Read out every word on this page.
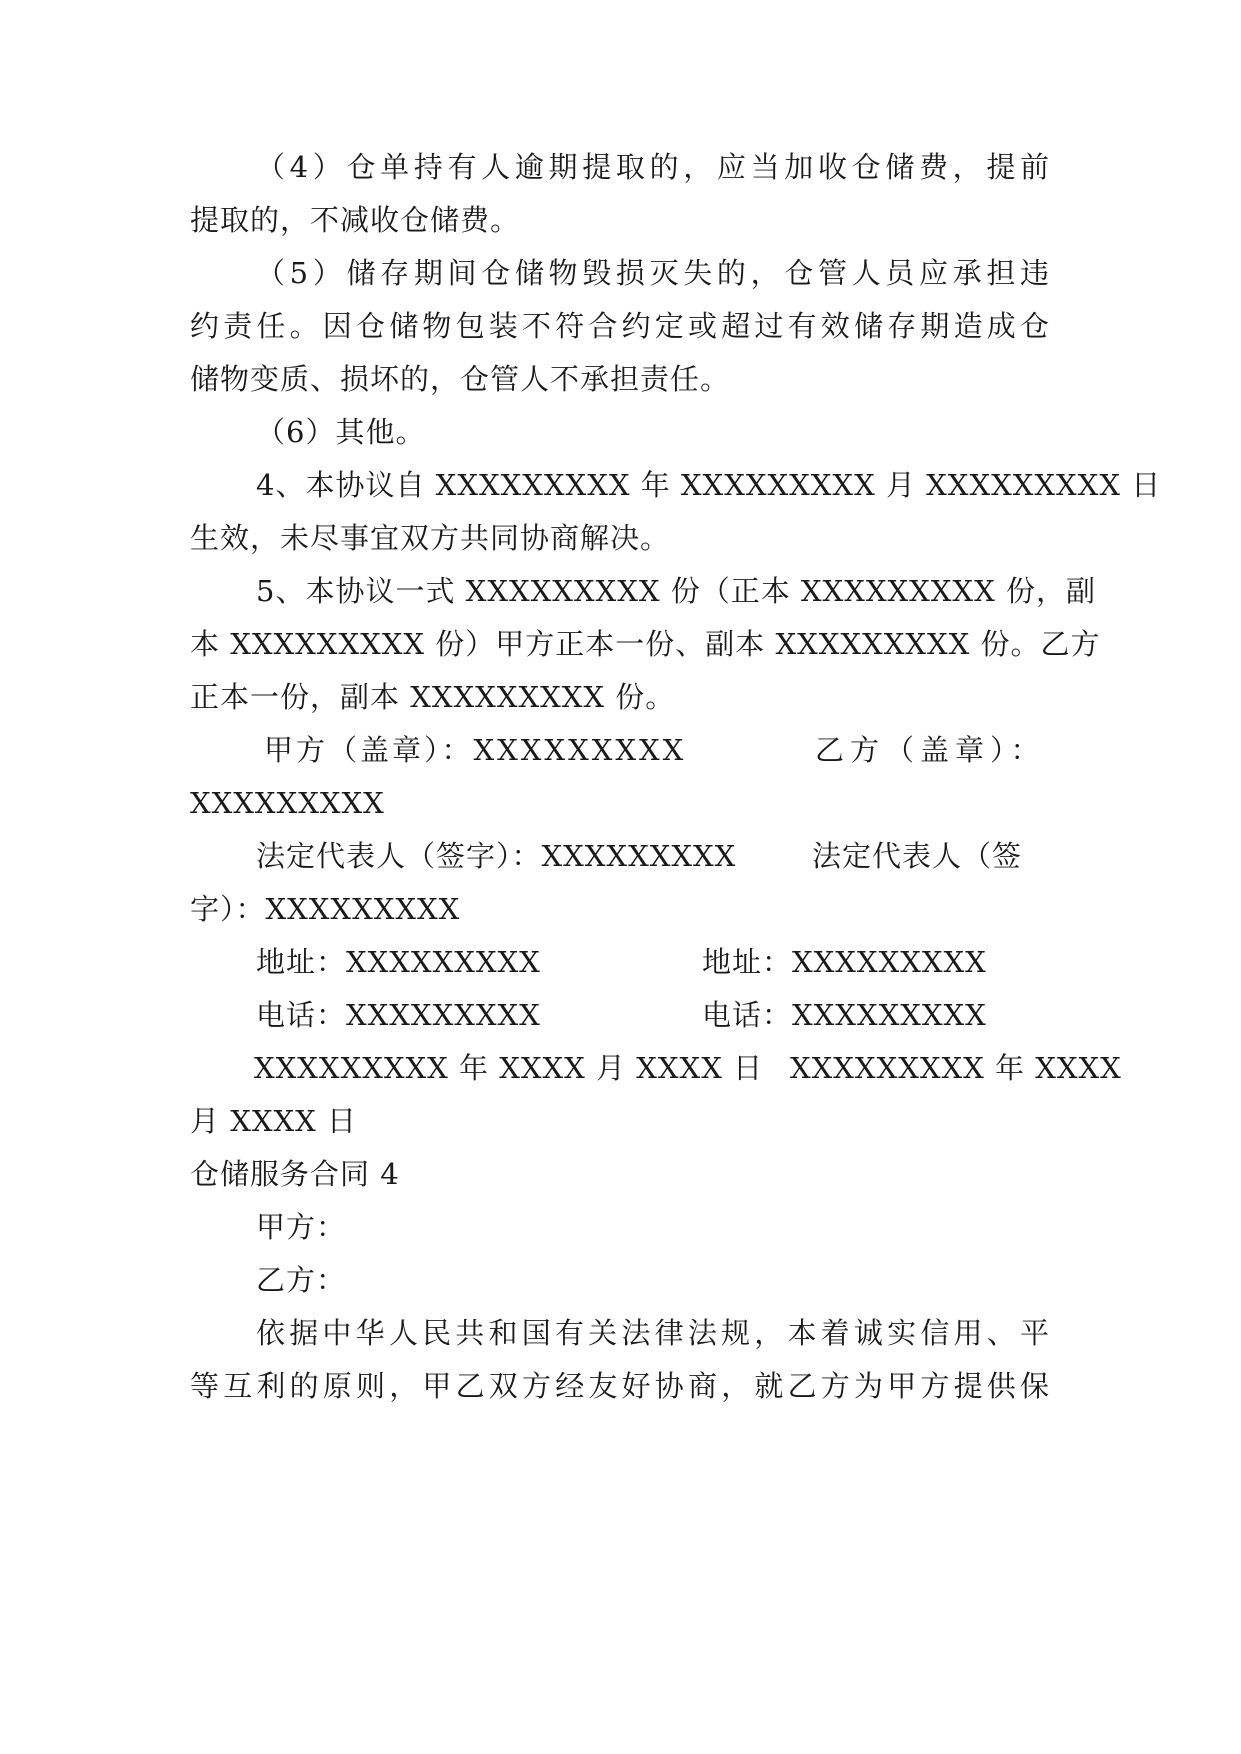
（4）仓单持有人逾期提取的，应当加收仓储费，提前
提取的，不减收仓储费。
（5）储存期间仓储物毁损灭失的，仓管人员应承担违
约责任。因仓储物包装不符合约定或超过有效储存期造成仓
储物变质、损坏的，仓管人不承担责任。
（6）其他。
4、本协议自 XXXXXXXXX 年 XXXXXXXXX 月 XXXXXXXXX 日
生效，未尽事宜双方共同协商解决。
5、本协议一式 XXXXXXXXX 份（正本 XXXXXXXXX 份，副
本 XXXXXXXXX 份）甲方正本一份、副本 XXXXXXXXX 份。乙方
正本一份，副本 XXXXXXXXX 份。
甲方（盖章）：XXXXXXXXX	乙方（盖章）：
XXXXXXXXX
法定代表人（签字）：XXXXXXXXX	法定代表人（签
字）：XXXXXXXXX
地址：XXXXXXXXX	地址：XXXXXXXXX
电话：XXXXXXXXX	电话：XXXXXXXXX
XXXXXXXXX 年 XXXX 月 XXXX 日 XXXXXXXXX 年 XXXX
月 XXXX 日
仓储服务合同 4
甲方：
乙方：
依据中华人民共和国有关法律法规，本着诚实信用、平
等互利的原则，甲乙双方经友好协商，就乙方为甲方提供保
